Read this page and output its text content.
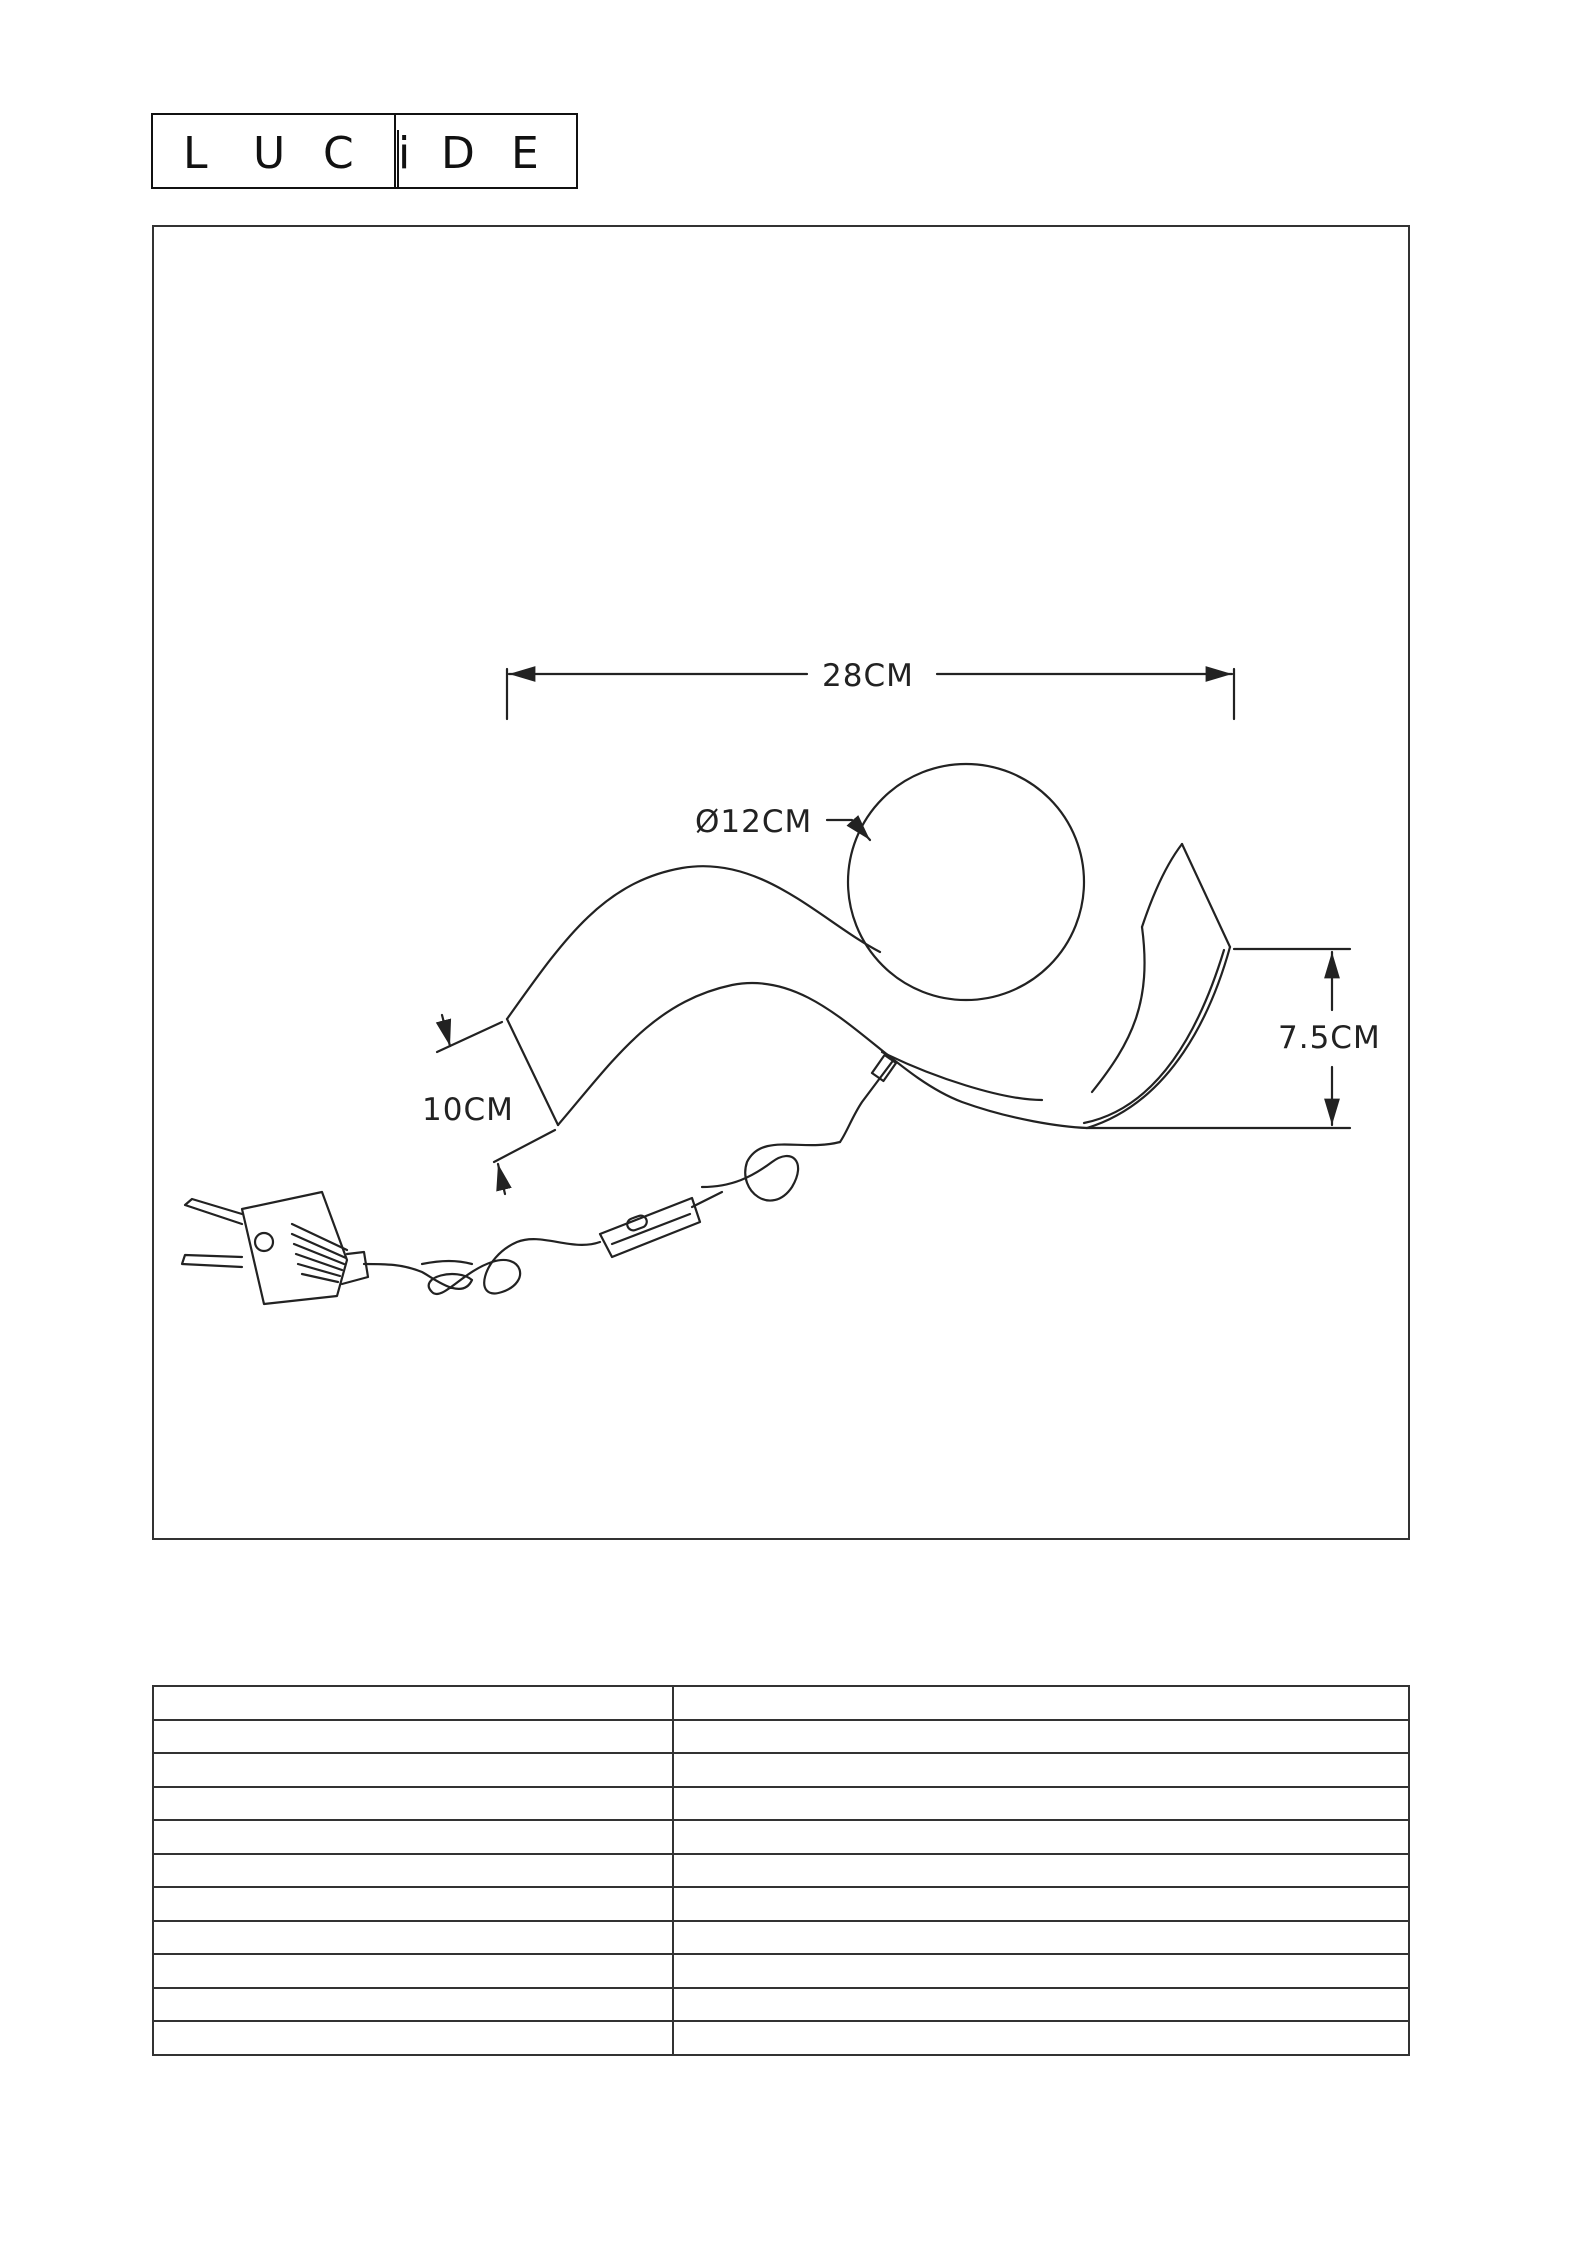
L U C i D E
28CM
Ø12CM
7.5CM
10CM
